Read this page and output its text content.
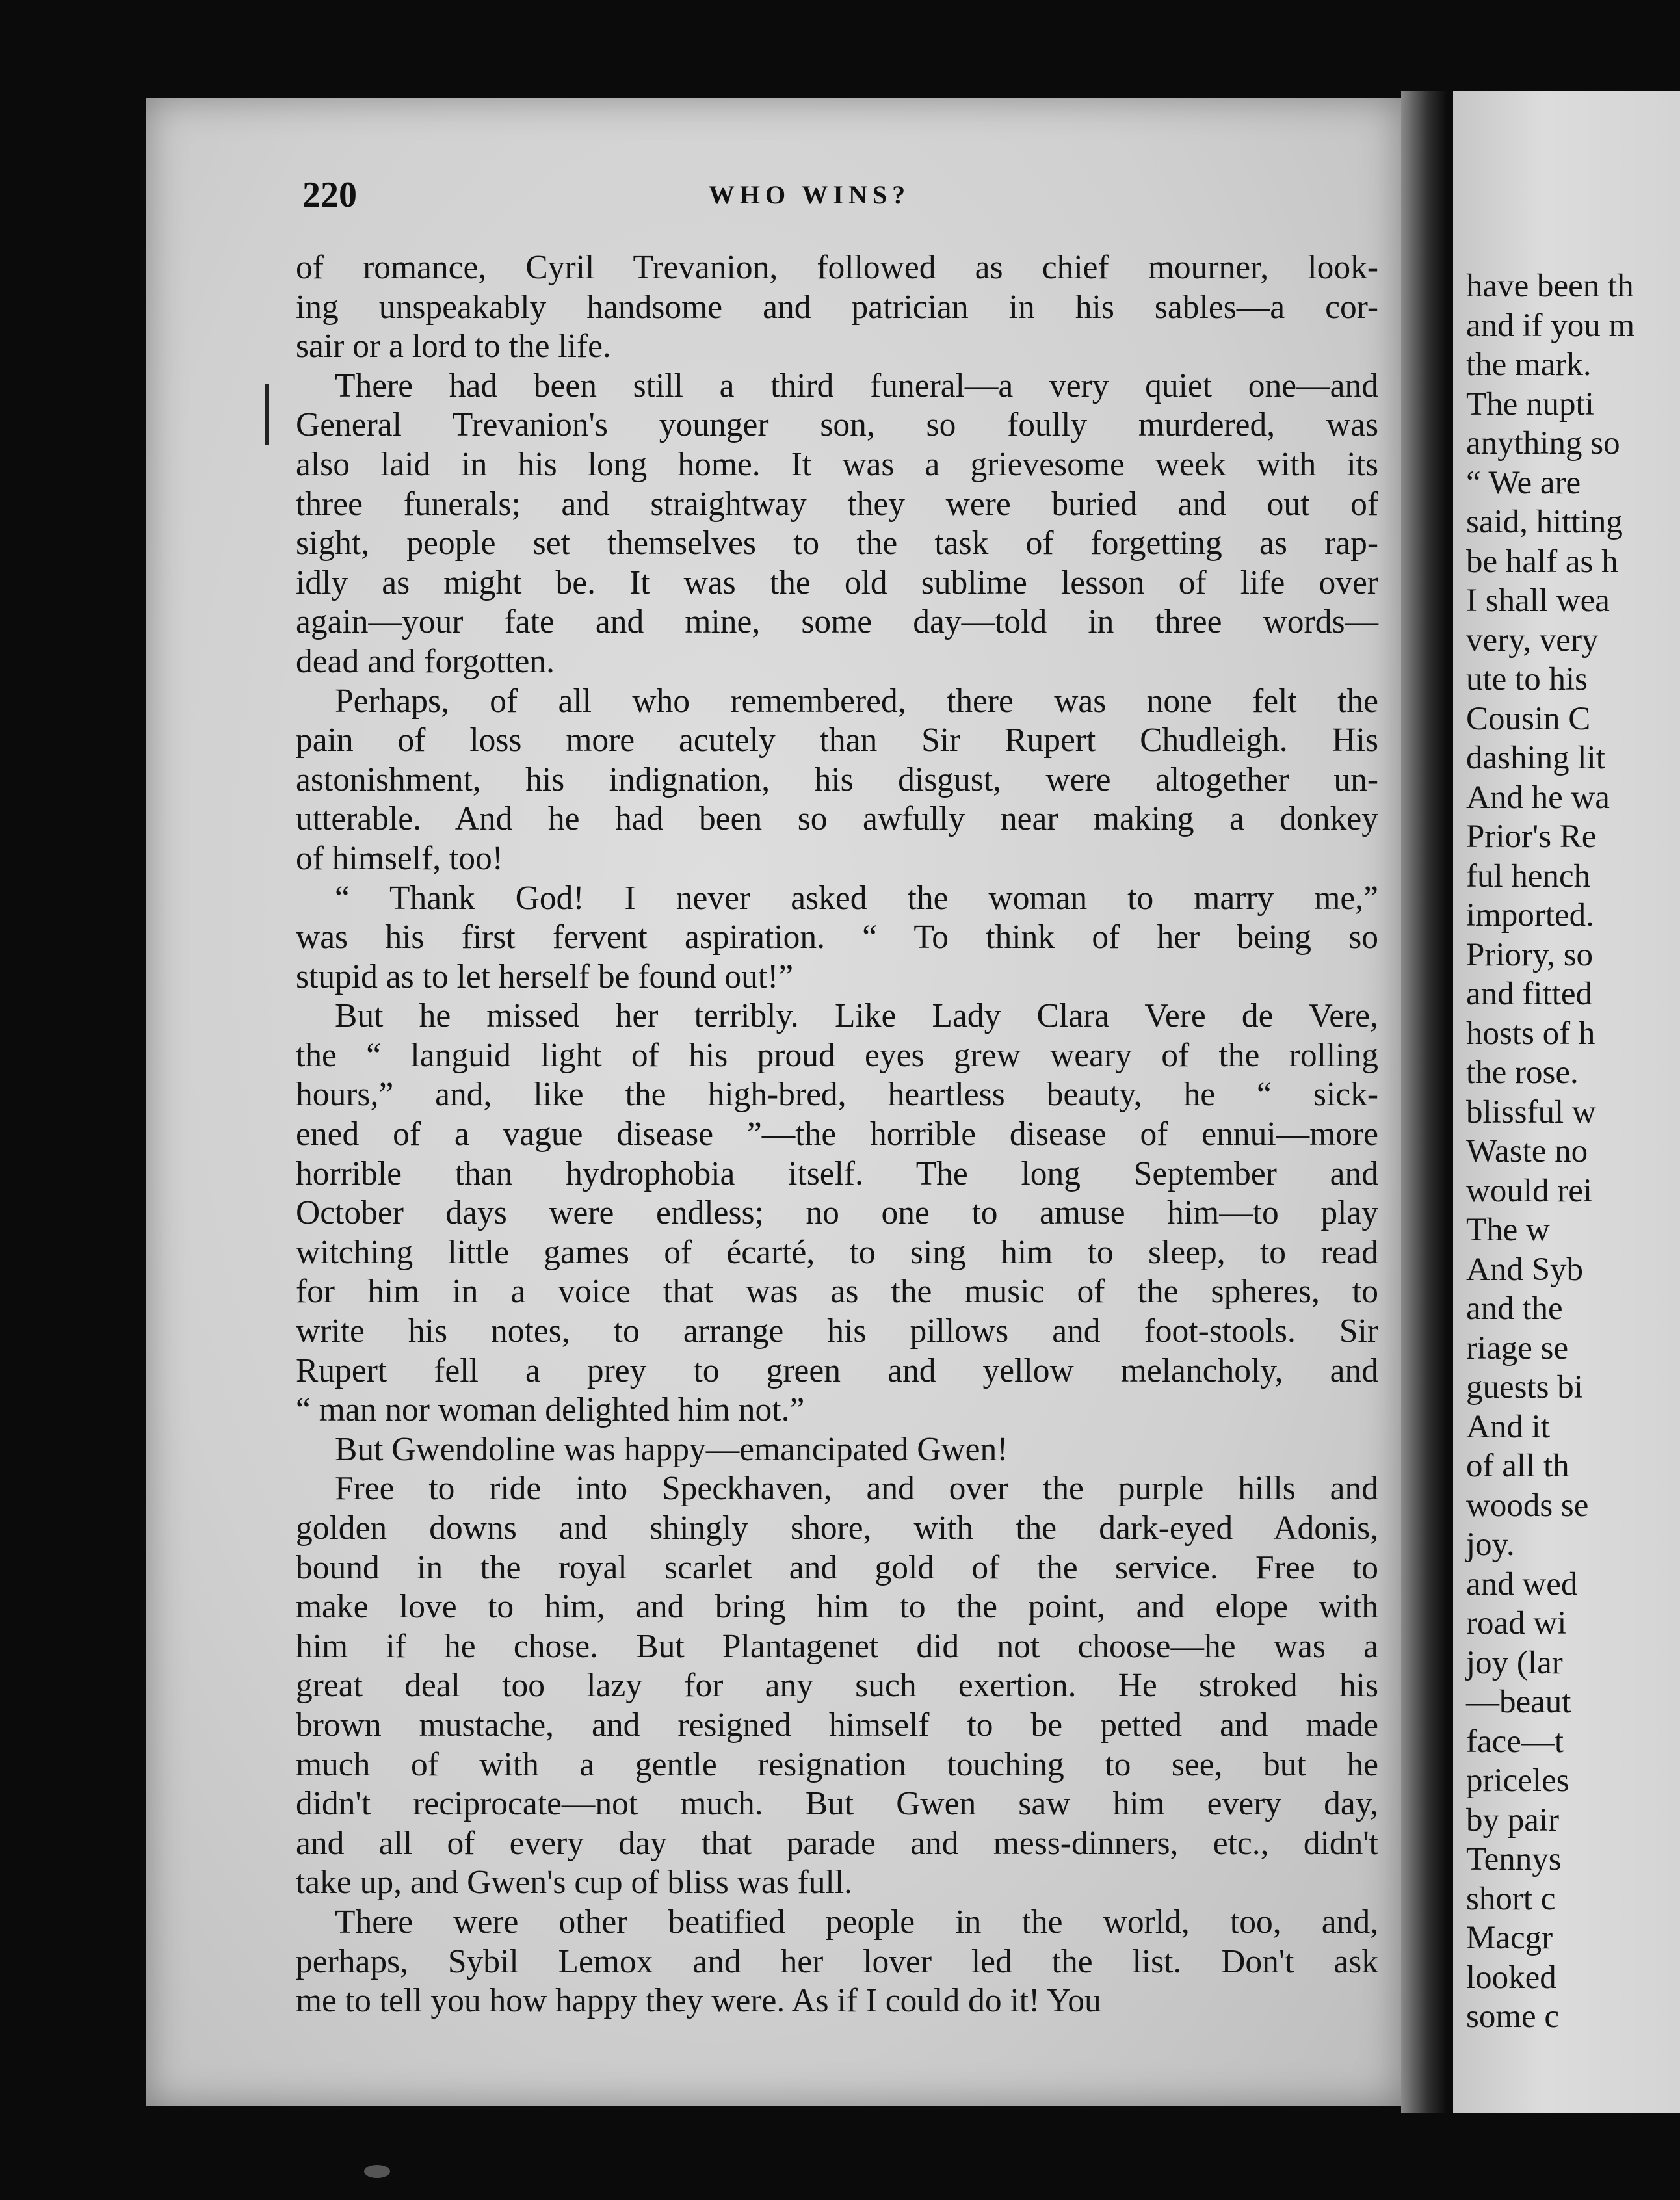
220	WHO WINS?
of romance, Cyril Trevanion, followed as chief mourner, look-
ing unspeakably handsome and patrician in his sables—a cor-
sair or a lord to the life.
There had been still a third funeral—a very quiet one—and
General Trevanion's younger son, so foully murdered, was
also laid in his long home. It was a grievesome week with its
three funerals; and straightway they were buried and out of
sight, people set themselves to the task of forgetting as rap-
idly as might be. It was the old sublime lesson of life over
again—your fate and mine, some day—told in three words—
dead and forgotten.
Perhaps, of all who remembered, there was none felt the
pain of loss more acutely than Sir Rupert Chudleigh. His
astonishment, his indignation, his disgust, were altogether un-
utterable. And he had been so awfully near making a donkey
of himself, too!
“ Thank God! I never asked the woman to marry me,”
was his first fervent aspiration. “ To think of her being so
stupid as to let herself be found out!”
But he missed her terribly. Like Lady Clara Vere de Vere,
the “ languid light of his proud eyes grew weary of the rolling
hours,” and, like the high-bred, heartless beauty, he “ sick-
ened of a vague disease ”—the horrible disease of ennui—more
horrible than hydrophobia itself. The long September and
October days were endless; no one to amuse him—to play
witching little games of écarté, to sing him to sleep, to read
for him in a voice that was as the music of the spheres, to
write his notes, to arrange his pillows and foot-stools. Sir
Rupert fell a prey to green and yellow melancholy, and
“ man nor woman delighted him not.”
But Gwendoline was happy—emancipated Gwen!
Free to ride into Speckhaven, and over the purple hills and
golden downs and shingly shore, with the dark-eyed Adonis,
bound in the royal scarlet and gold of the service. Free to
make love to him, and bring him to the point, and elope with
him if he chose. But Plantagenet did not choose—he was a
great deal too lazy for any such exertion. He stroked his
brown mustache, and resigned himself to be petted and made
much of with a gentle resignation touching to see, but he
didn't reciprocate—not much. But Gwen saw him every day,
and all of every day that parade and mess-dinners, etc., didn't
take up, and Gwen's cup of bliss was full.
There were other beatified people in the world, too, and,
perhaps, Sybil Lemox and her lover led the list. Don't ask
me to tell you how happy they were. As if I could do it! You
have been th
and if you m
the mark.
The nupti
anything so
“ We are
said, hitting
be half as h
I shall wea
very, very
ute to his
Cousin C
dashing lit
And he wa
Prior's Re
ful hench
imported.
Priory, so
and fitted
hosts of h
the rose.
blissful w
Waste no
would rei
The w
And Syb
and the
riage se
guests bi
And it
of all th
woods se
joy.
and wed
road wi
joy (lar
—beaut
face—t
priceles
by pair
Tennys
short c
Macgr
looked
some c
